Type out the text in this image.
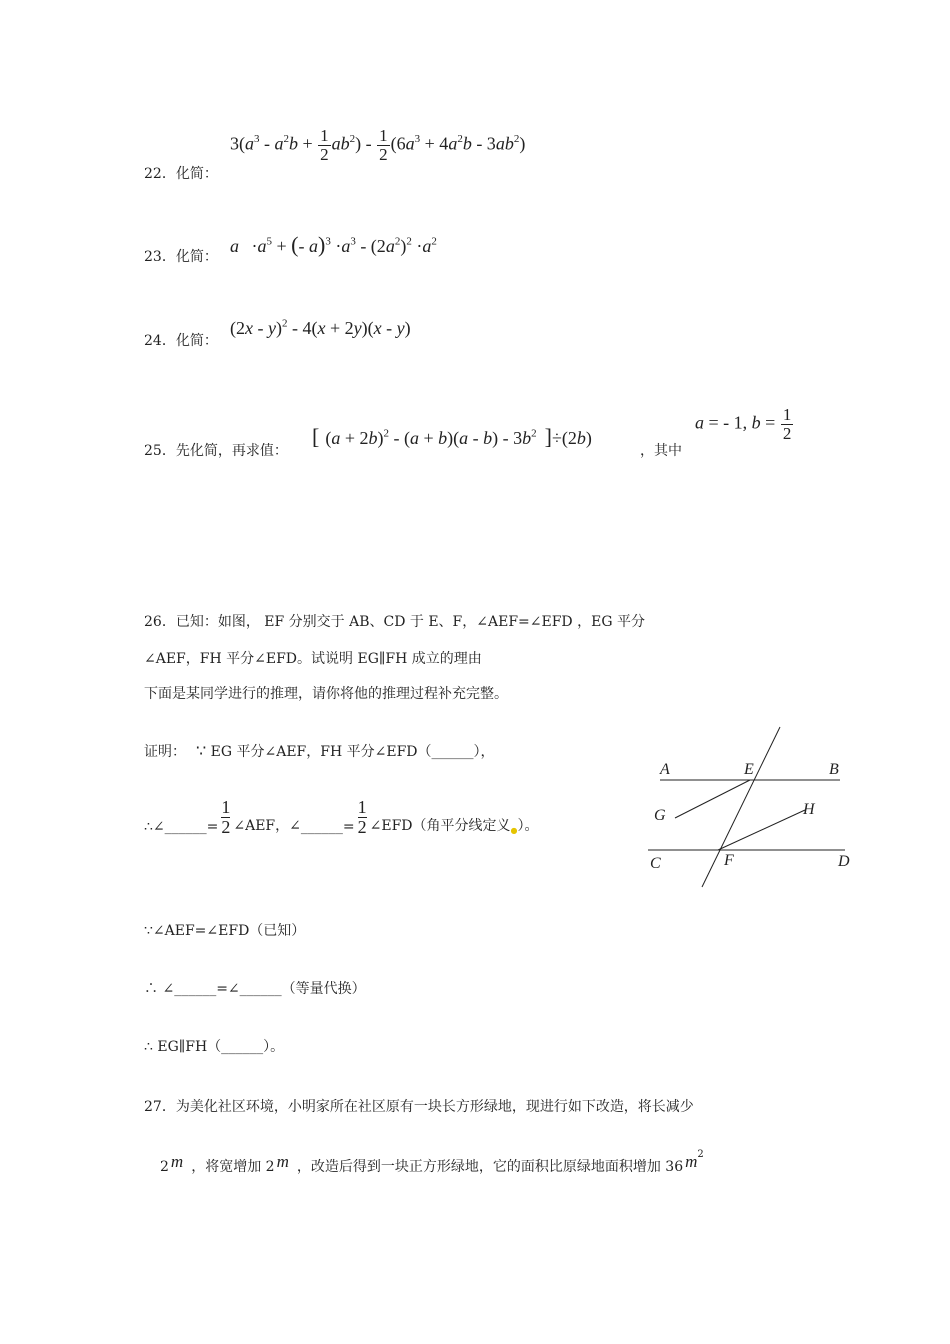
22．化简：
$3(a^3 - a^2b + \frac{1}{2} ab^2) - \frac{1}{2} (6a^3 + 4a^2b - 3ab^2)$
23．化简：
$a \cdot a^5$ + (- $a)^3 \cdot a^3 - (2a^2)^2 \cdot a^2$
24．化简：
(2x - y)$^2$ - 4(x + 2y)(x - y)
25．先化简，再求值：
[ $(a + 2b)^2 - (a + b)(a - b) - 3b^2$ ]÷(2b)
，其中
a = - 1, $b = \frac{1}{2}$
26．已知：如图， EF 分别交于 AB、CD 于 E、F，∠AEF=∠EFD ，EG 平分
∠AEF，FH 平分∠EFD。试说明 EG∥FH 成立的理由
下面是某同学进行的推理，请你将他的推理过程补充完整。
证明： ∵ EG 平分∠AEF，FH 平分∠EFD（______），
∴∠______= $\frac{1}{2}$ ∠AEF，∠______= $\frac{1}{2}$ ∠EFD（角平分线定义●）。
∵∠AEF=∠EFD（已知）
∴ ∠______=∠______（等量代换）
∴ EG∥FH（______）。
A	E	B
G	H
C	F	D
27．为美化社区环境，小明家所在社区原有一块长方形绿地，现进行如下改造，将长减少
2 m ，将宽增加 2 m ，改造后得到一块正方形绿地，它的面积比原绿地面积增加 36 $m^2$
